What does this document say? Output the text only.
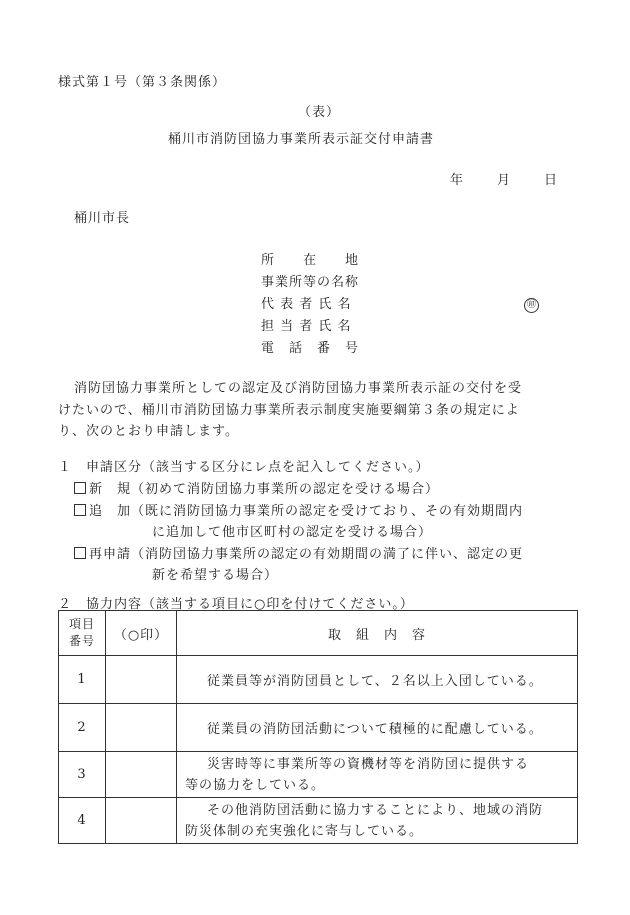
様式第１号（第３条関係）
（表）
桶川市消防団協力事業所表示証交付申請書
年	月	日
桶川市長
所　　在　　地
事業所等の名称
代 表 者 氏 名	㊞
担 当 者 氏 名
電　話　番　号
消防団協力事業所としての認定及び消防団協力事業所表示証の交付を受
けたいので、桶川市消防団協力事業所表示制度実施要綱第３条の規定によ
り、次のとおり申請します。
１　申請区分（該当する区分にレ点を記入してください。）
新　規（初めて消防団協力事業所の認定を受ける場合）
追　加（既に消防団協力事業所の認定を受けており、その有効期間内
に追加して他市区町村の認定を受ける場合）
再申請（消防団協力事業所の認定の有効期間の満了に伴い、認定の更
新を希望する場合）
２　協力内容（該当する項目に○印を付けてください。）
項目
番号	（○印）	取　組　内　容
1		従業員等が消防団員として、２名以上入団している。

2		従業員の消防団活動について積極的に配慮している。

3		災害時等に事業所等の資機材等を消防団に提供する
等の協力をしている。

4		その他消防団活動に協力することにより、地域の消防
防災体制の充実強化に寄与している。
